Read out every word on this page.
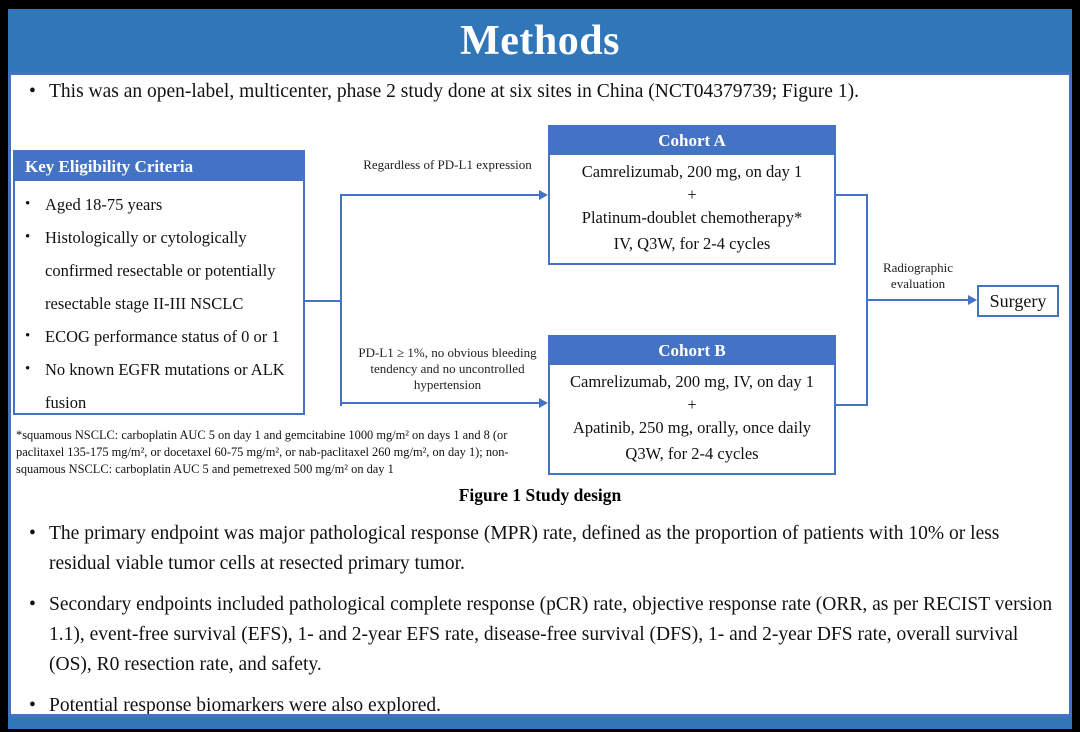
Methods
• This was an open-label, multicenter, phase 2 study done at six sites in China (NCT04379739; Figure 1).
Key Eligibility Criteria
• Aged 18-75 years
• Histologically or cytologically confirmed resectable or potentially resectable stage II-III NSCLC
• ECOG performance status of 0 or 1
• No known EGFR mutations or ALK fusion
Regardless of PD-L1 expression
PD-L1 ≥ 1%, no obvious bleeding tendency and no uncontrolled hypertension
Radiographic evaluation
Cohort A
Camrelizumab, 200 mg, on day 1
+
Platinum-doublet chemotherapy*
IV, Q3W, for 2-4 cycles
Cohort B
Camrelizumab, 200 mg, IV, on day 1
+
Apatinib, 250 mg, orally, once daily
Q3W, for 2-4 cycles
Surgery
*squamous NSCLC: carboplatin AUC 5 on day 1 and gemcitabine 1000 mg/m² on days 1 and 8 (or paclitaxel 135-175 mg/m², or docetaxel 60-75 mg/m², or nab-paclitaxel 260 mg/m², on day 1); non-squamous NSCLC: carboplatin AUC 5 and pemetrexed 500 mg/m² on day 1
Figure 1 Study design
• The primary endpoint was major pathological response (MPR) rate, defined as the proportion of patients with 10% or less residual viable tumor cells at resected primary tumor.
• Secondary endpoints included pathological complete response (pCR) rate, objective response rate (ORR, as per RECIST version 1.1), event-free survival (EFS), 1- and 2-year EFS rate, disease-free survival (DFS), 1- and 2-year DFS rate, overall survival (OS), R0 resection rate, and safety.
• Potential response biomarkers were also explored.
